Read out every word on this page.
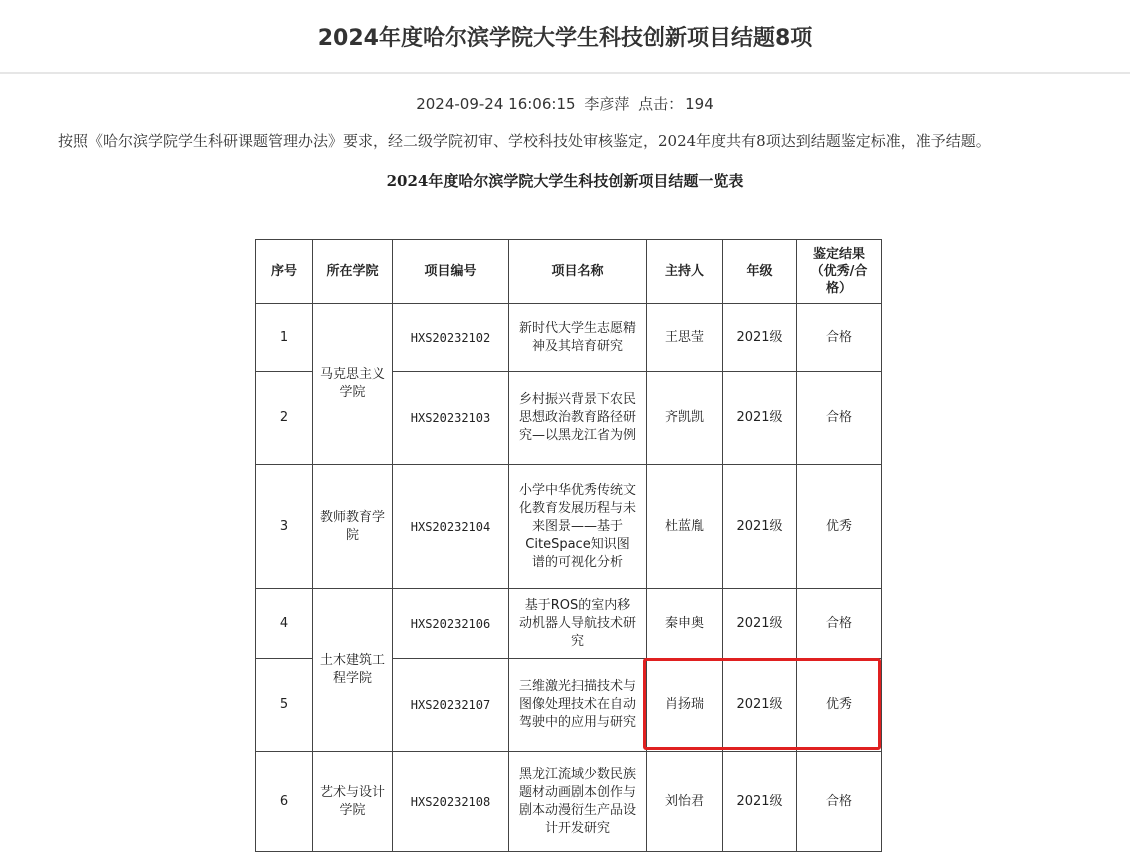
2024年度哈尔滨学院大学生科技创新项目结题8项
2024-09-24 16:06:15 李彦萍 点击： 194

按照《哈尔滨学院学生科研课题管理办法》要求，经二级学院初审、学校科技处审核鉴定，2024年度共有8项达到结题鉴定标准，准予结题。

2024年度哈尔滨学院大学生科技创新项目结题一览表
序号	所在学院	项目编号	项目名称	主持人	年级	鉴定结果（优秀/合格）
1	马克思主义学院	HXS20232102	新时代大学生志愿精神及其培育研究	王思莹	2021级	合格
2		HXS20232103	乡村振兴背景下农民思想政治教育路径研究—以黑龙江省为例	齐凯凯	2021级	合格
3	教师教育学院	HXS20232104	小学中华优秀传统文化教育发展历程与未来图景——基于CiteSpace知识图谱的可视化分析	杜蓝胤	2021级	优秀
4	土木建筑工程学院	HXS20232106	基于ROS的室内移动机器人导航技术研究	秦申奥	2021级	合格
5		HXS20232107	三维激光扫描技术与图像处理技术在自动驾驶中的应用与研究	肖扬瑞	2021级	优秀
6	艺术与设计学院	HXS20232108	黑龙江流域少数民族题材动画剧本创作与剧本动漫衍生产品设计开发研究	刘怡君	2021级	合格
